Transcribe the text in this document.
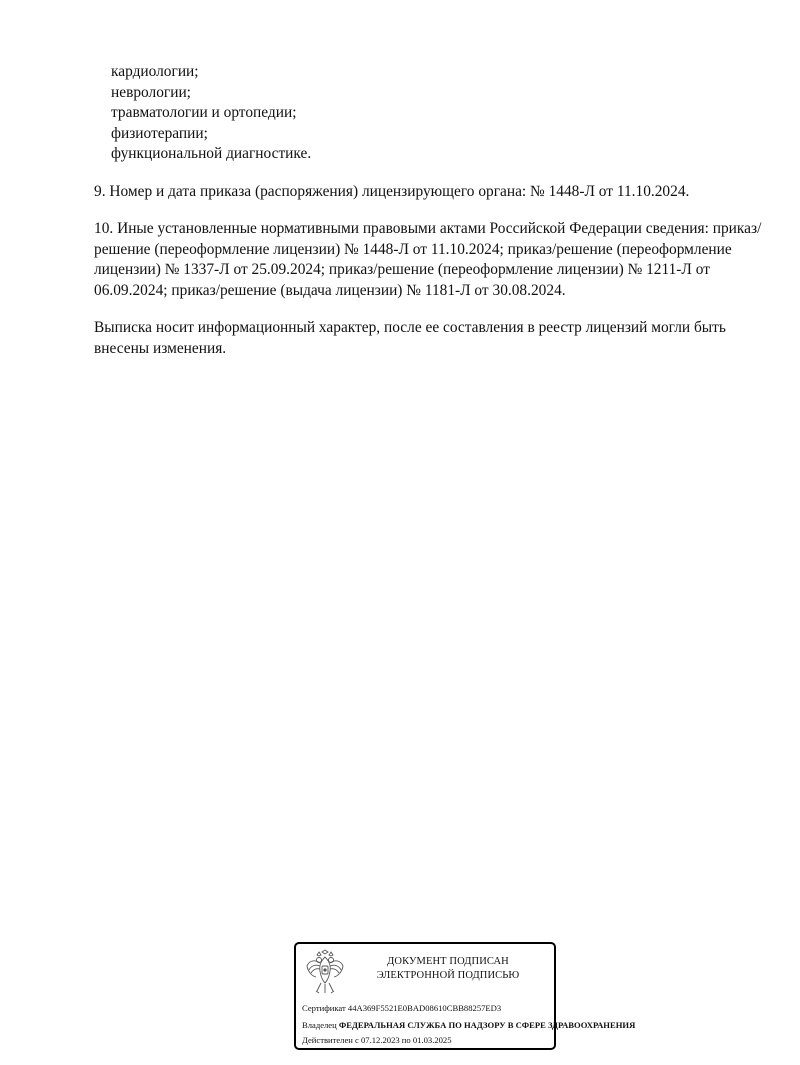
кардиологии;
неврологии;
травматологии и ортопедии;
физиотерапии;
функциональной диагностике.

9. Номер и дата приказа (распоряжения) лицензирующего органа: № 1448-Л от 11.10.2024.

10. Иные установленные нормативными правовыми актами Российской Федерации сведения: приказ/решение (переоформление лицензии) № 1448-Л от 11.10.2024; приказ/решение (переоформление лицензии) № 1337-Л от 25.09.2024; приказ/решение (переоформление лицензии) № 1211-Л от 06.09.2024; приказ/решение (выдача лицензии) № 1181-Л от 30.08.2024.

Выписка носит информационный характер, после ее составления в реестр лицензий могли быть внесены изменения.

ДОКУМЕНТ ПОДПИСАН
ЭЛЕКТРОННОЙ ПОДПИСЬЮ
Сертификат 44A369F5521E0BAD08610CBB88257ED3
Владелец ФЕДЕРАЛЬНАЯ СЛУЖБА ПО НАДЗОРУ В СФЕРЕ ЗДРАВООХРАНЕНИЯ
Действителен с 07.12.2023 по 01.03.2025
